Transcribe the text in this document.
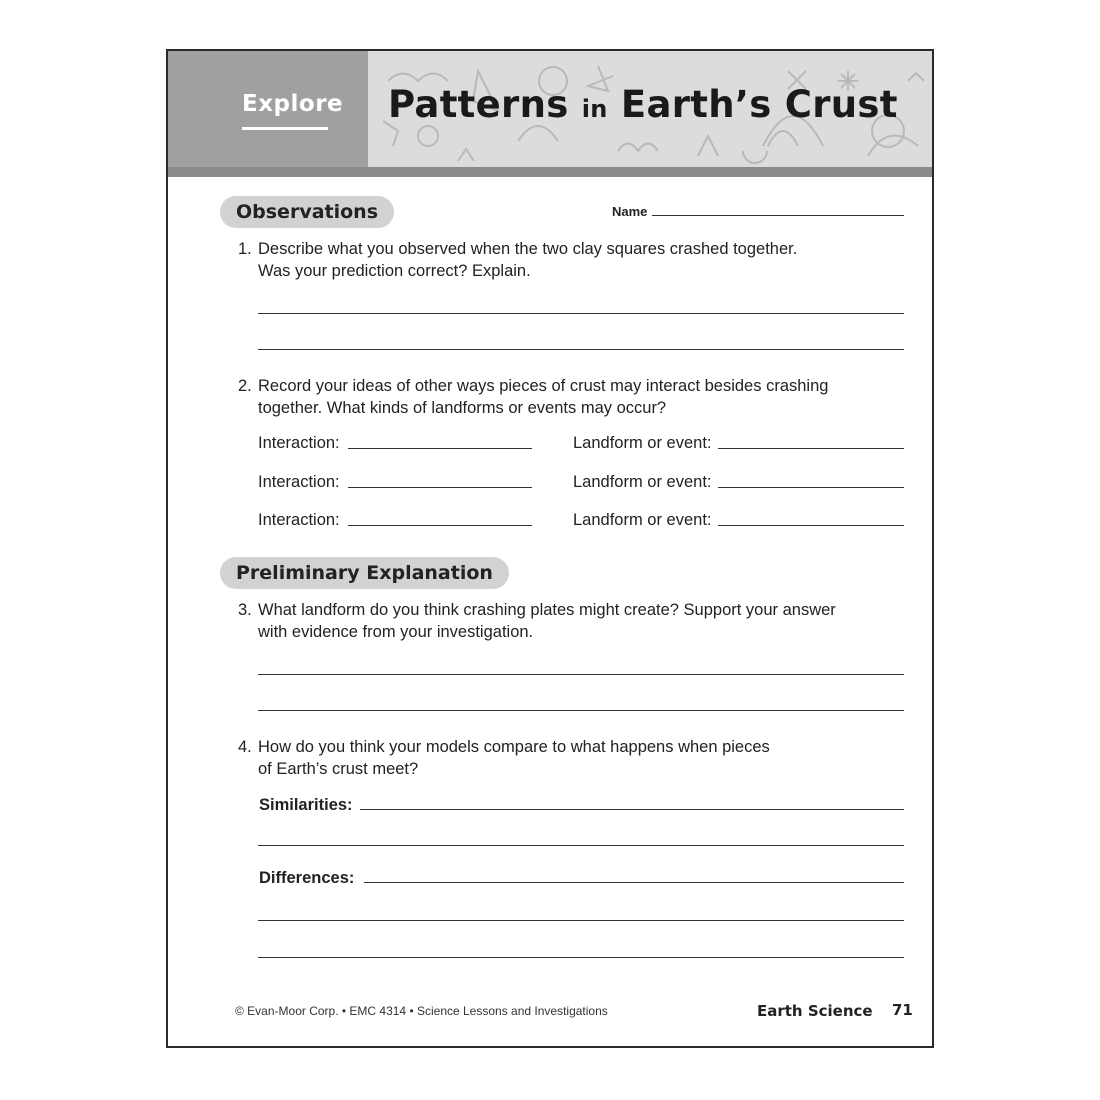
Explore Patterns in Earth’s Crust
Observations	Name
1. Describe what you observed when the two clay squares crashed together.
Was your prediction correct? Explain.
2. Record your ideas of other ways pieces of crust may interact besides crashing
together. What kinds of landforms or events may occur?
Interaction:	Landform or event:
Interaction:	Landform or event:
Interaction:	Landform or event:
Preliminary Explanation
3. What landform do you think crashing plates might create? Support your answer
with evidence from your investigation.
4. How do you think your models compare to what happens when pieces
of Earth’s crust meet?
Similarities:
Differences:
© Evan-Moor Corp. • EMC 4314 • Science Lessons and Investigations	Earth Science 71
